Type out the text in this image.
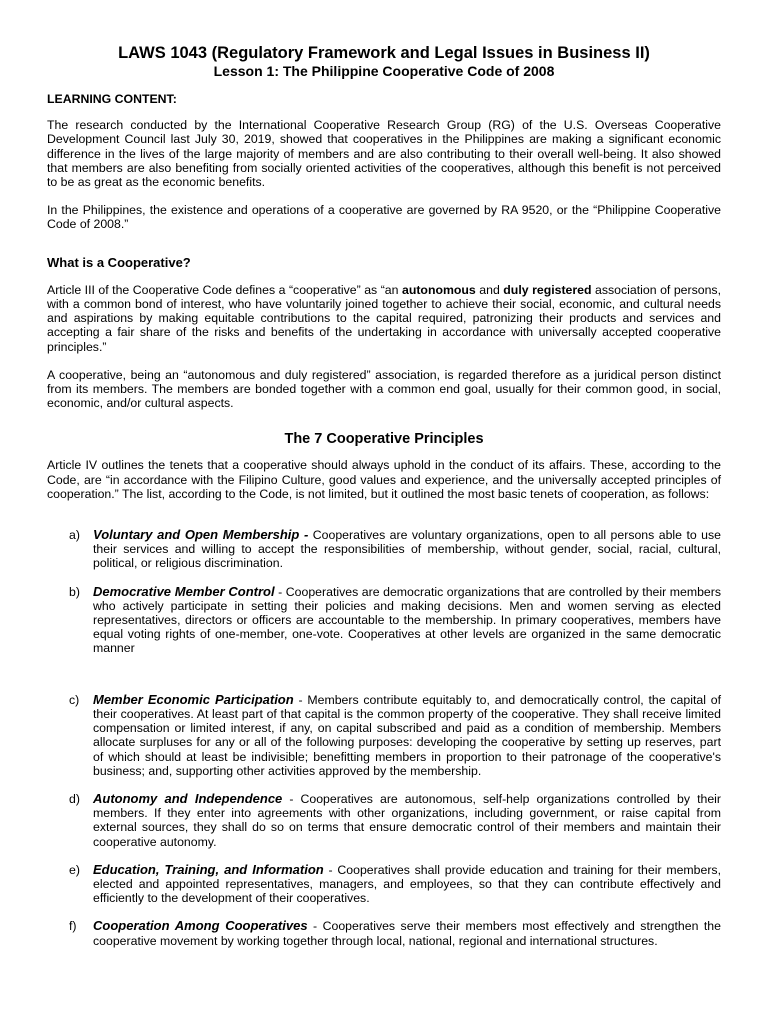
LAWS 1043 (Regulatory Framework and Legal Issues in Business II)
Lesson 1: The Philippine Cooperative Code of 2008
LEARNING CONTENT:

The research conducted by the International Cooperative Research Group (RG) of the U.S. Overseas Cooperative Development Council last July 30, 2019, showed that cooperatives in the Philippines are making a significant economic difference in the lives of the large majority of members and are also contributing to their overall well-being. It also showed that members are also benefiting from socially oriented activities of the cooperatives, although this benefit is not perceived to be as great as the economic benefits.

In the Philippines, the existence and operations of a cooperative are governed by RA 9520, or the “Philippine Cooperative Code of 2008.”

What is a Cooperative?

Article III of the Cooperative Code defines a “cooperative” as “an autonomous and duly registered association of persons, with a common bond of interest, who have voluntarily joined together to achieve their social, economic, and cultural needs and aspirations by making equitable contributions to the capital required, patronizing their products and services and accepting a fair share of the risks and benefits of the undertaking in accordance with universally accepted cooperative principles.”

A cooperative, being an “autonomous and duly registered” association, is regarded therefore as a juridical person distinct from its members. The members are bonded together with a common end goal, usually for their common good, in social, economic, and/or cultural aspects.

The 7 Cooperative Principles

Article IV outlines the tenets that a cooperative should always uphold in the conduct of its affairs. These, according to the Code, are “in accordance with the Filipino Culture, good values and experience, and the universally accepted principles of cooperation.” The list, according to the Code, is not limited, but it outlined the most basic tenets of cooperation, as follows:

a) Voluntary and Open Membership - Cooperatives are voluntary organizations, open to all persons able to use their services and willing to accept the responsibilities of membership, without gender, social, racial, cultural, political, or religious discrimination.
b) Democrative Member Control - Cooperatives are democratic organizations that are controlled by their members who actively participate in setting their policies and making decisions. Men and women serving as elected representatives, directors or officers are accountable to the membership. In primary cooperatives, members have equal voting rights of one-member, one-vote. Cooperatives at other levels are organized in the same democratic manner
c) Member Economic Participation - Members contribute equitably to, and democratically control, the capital of their cooperatives. At least part of that capital is the common property of the cooperative. They shall receive limited compensation or limited interest, if any, on capital subscribed and paid as a condition of membership. Members allocate surpluses for any or all of the following purposes: developing the cooperative by setting up reserves, part of which should at least be indivisible; benefitting members in proportion to their patronage of the cooperative's business; and, supporting other activities approved by the membership.
d) Autonomy and Independence - Cooperatives are autonomous, self-help organizations controlled by their members. If they enter into agreements with other organizations, including government, or raise capital from external sources, they shall do so on terms that ensure democratic control of their members and maintain their cooperative autonomy.
e) Education, Training, and Information - Cooperatives shall provide education and training for their members, elected and appointed representatives, managers, and employees, so that they can contribute effectively and efficiently to the development of their cooperatives.
f) Cooperation Among Cooperatives - Cooperatives serve their members most effectively and strengthen the cooperative movement by working together through local, national, regional and international structures.
